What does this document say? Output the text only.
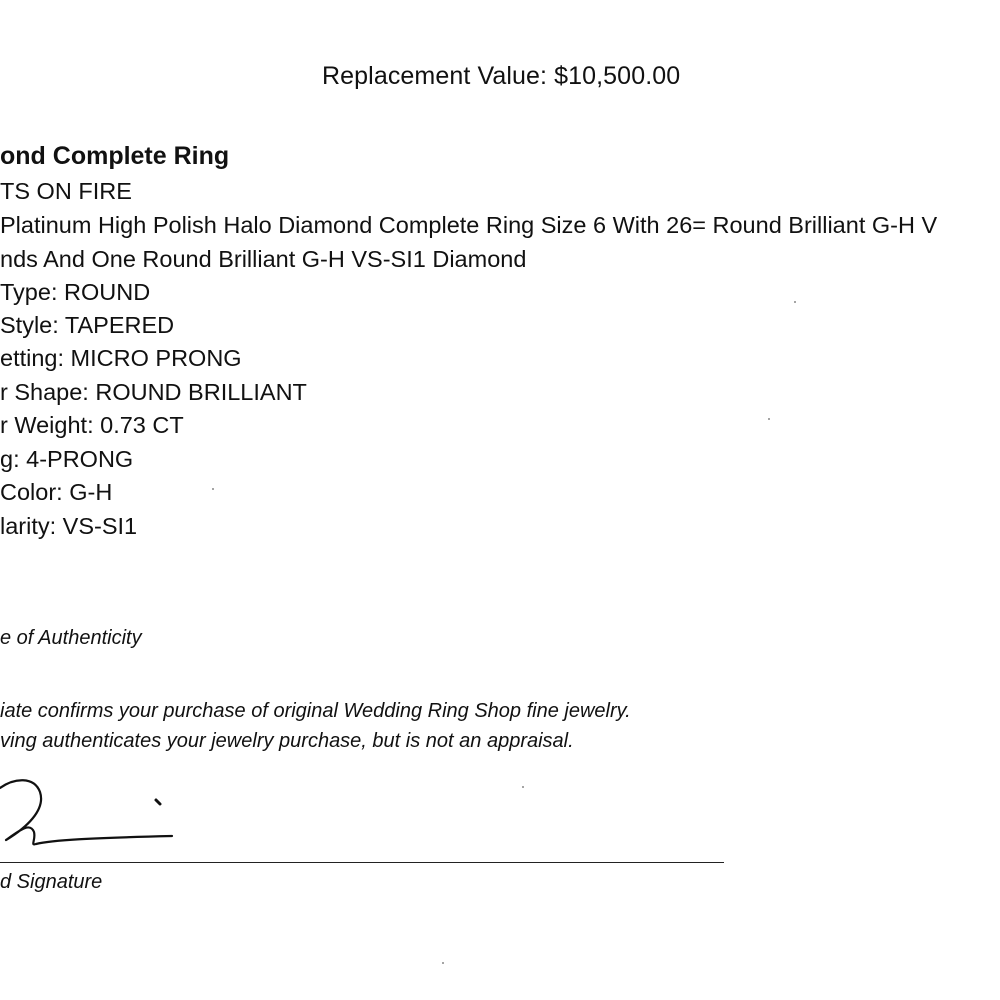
Replacement Value: $10,500.00
ond Complete Ring
TS ON FIRE
Platinum High Polish Halo Diamond Complete Ring Size 6 With 26= Round Brilliant G-H V
nds And One Round Brilliant G-H VS-SI1 Diamond
Type: ROUND
Style: TAPERED
etting: MICRO PRONG
r Shape: ROUND BRILLIANT
r Weight: 0.73 CT
g: 4-PRONG
Color: G-H
larity: VS-SI1
e of Authenticity
iate confirms your purchase of original Wedding Ring Shop fine jewelry.
ving authenticates your jewelry purchase, but is not an appraisal.
d Signature
